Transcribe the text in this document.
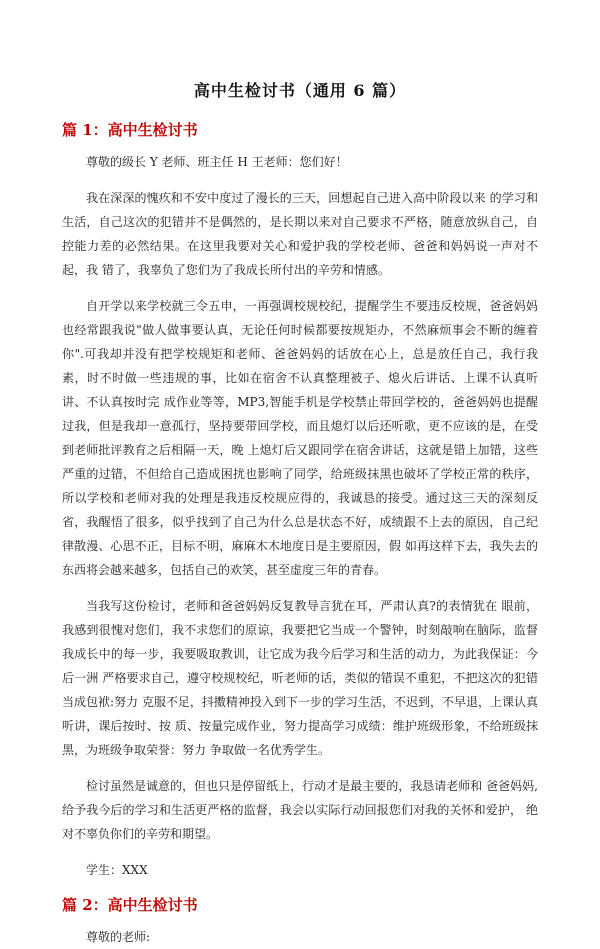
高中生检讨书（通用 6 篇）
篇 1：高中生检讨书

尊敬的级长 Y 老师、班主任 H 王老师：您们好！

我在深深的愧疚和不安中度过了漫长的三天，回想起自己进入高中阶段以来 的学习和生活，自己这次的犯错并不是偶然的，是长期以来对自己要求不严格，随意放纵自己，自控能力差的必然结果。在这里我要对关心和爱护我的学校老师、爸爸和妈妈说一声对不起，我 错了，我辜负了您们为了我成长所付出的辛劳和情感。

自开学以来学校就三令五申，一再强调校规校纪，提醒学生不要违反校规，爸爸妈妈也经常跟我说"做人做事要认真，无论任何时候都要按规矩办，不然麻烦事会不断的缠着 你".可我却并没有把学校规矩和老师、爸爸妈妈的话放在心上，总是放任自己，我行我素，时不时做一些违规的事，比如在宿舍不认真整理被子、熄火后讲话、上课不认真听讲、不认真按时完 成作业等等，MP3,智能手机是学校禁止带回学校的，爸爸妈妈也提醒过我，但是我却一意孤行，坚持要带回学校，而且熄灯以后还听歌，更不应该的是，在受到老师批评教育之后相隔一天，晚 上熄灯后又跟同学在宿舍讲话，这就是错上加错，这些严重的过错，不但给自己造成困扰也影响了同学，给班级抹黑也破坏了学校正常的秩序，所以学校和老师对我的处理是我违反校规应得的，我诚恳的接受。通过这三天的深刻反省，我醒悟了很多，似乎找到了自己为什么总是状态不好，成绩跟不上去的原因，自己纪律散漫、心思不正，目标不明，麻麻木木地度日是主要原因，假 如再这样下去，我失去的东西将会越来越多，包括自己的欢笑，甚至虚度三年的青春。

当我写这份检讨，老师和爸爸妈妈反复教导言犹在耳，严肃认真?的表情犹在 眼前，我感到很愧对您们，我不求您们的原谅，我要把它当成一个警钟，时刻敲响在脑际，监督 我成长中的每一步，我要吸取教训，让它成为我今后学习和生活的动力，为此我保证：今后一洲 严格要求自己，遵守校规校纪，听老师的话，类似的错误不重犯，不把这次的犯错当成包袱:努力 克服不足，抖擞精神投入到下一步的学习生活，不迟到，不早退，上课认真听讲，课后按时、按 质、按量完成作业，努力提高学习成绩：维护班级形象，不给班级抹黑，为班级争取荣誉：努力 争取做一名优秀学生。

检讨虽然是诚意的，但也只是停留纸上，行动才是最主要的，我恳请老师和 爸爸妈妈,给予我今后的学习和生活更严格的监督，我会以实际行动回报您们对我的关怀和爱护， 绝对不辜负你们的辛劳和期望。

学生：XXX

篇 2：高中生检讨书

尊敬的老师:
